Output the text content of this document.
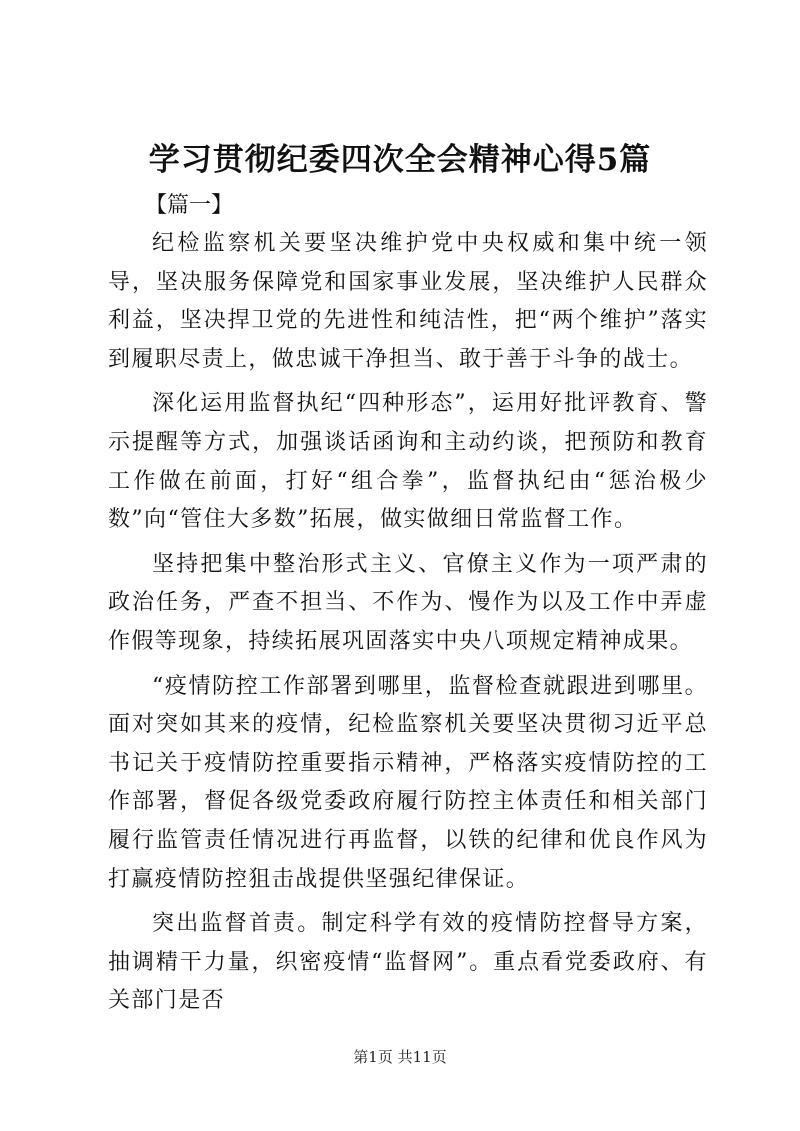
学习贯彻纪委四次全会精神心得5篇
【篇一】

纪检监察机关要坚决维护党中央权威和集中统一领导，坚决服务保障党和国家事业发展，坚决维护人民群众利益，坚决捍卫党的先进性和纯洁性，把“两个维护”落实到履职尽责上，做忠诚干净担当、敢于善于斗争的战士。

深化运用监督执纪“四种形态”，运用好批评教育、警示提醒等方式，加强谈话函询和主动约谈，把预防和教育工作做在前面，打好“组合拳”，监督执纪由“惩治极少数”向“管住大多数”拓展，做实做细日常监督工作。

坚持把集中整治形式主义、官僚主义作为一项严肃的政治任务，严查不担当、不作为、慢作为以及工作中弄虚作假等现象，持续拓展巩固落实中央八项规定精神成果。

“疫情防控工作部署到哪里，监督检查就跟进到哪里。面对突如其来的疫情，纪检监察机关要坚决贯彻习近平总书记关于疫情防控重要指示精神，严格落实疫情防控的工作部署，督促各级党委政府履行防控主体责任和相关部门履行监管责任情况进行再监督，以铁的纪律和优良作风为打赢疫情防控狙击战提供坚强纪律保证。

突出监督首责。制定科学有效的疫情防控督导方案，抽调精干力量，织密疫情“监督网”。重点看党委政府、有关部门是否

第1页 共11页
